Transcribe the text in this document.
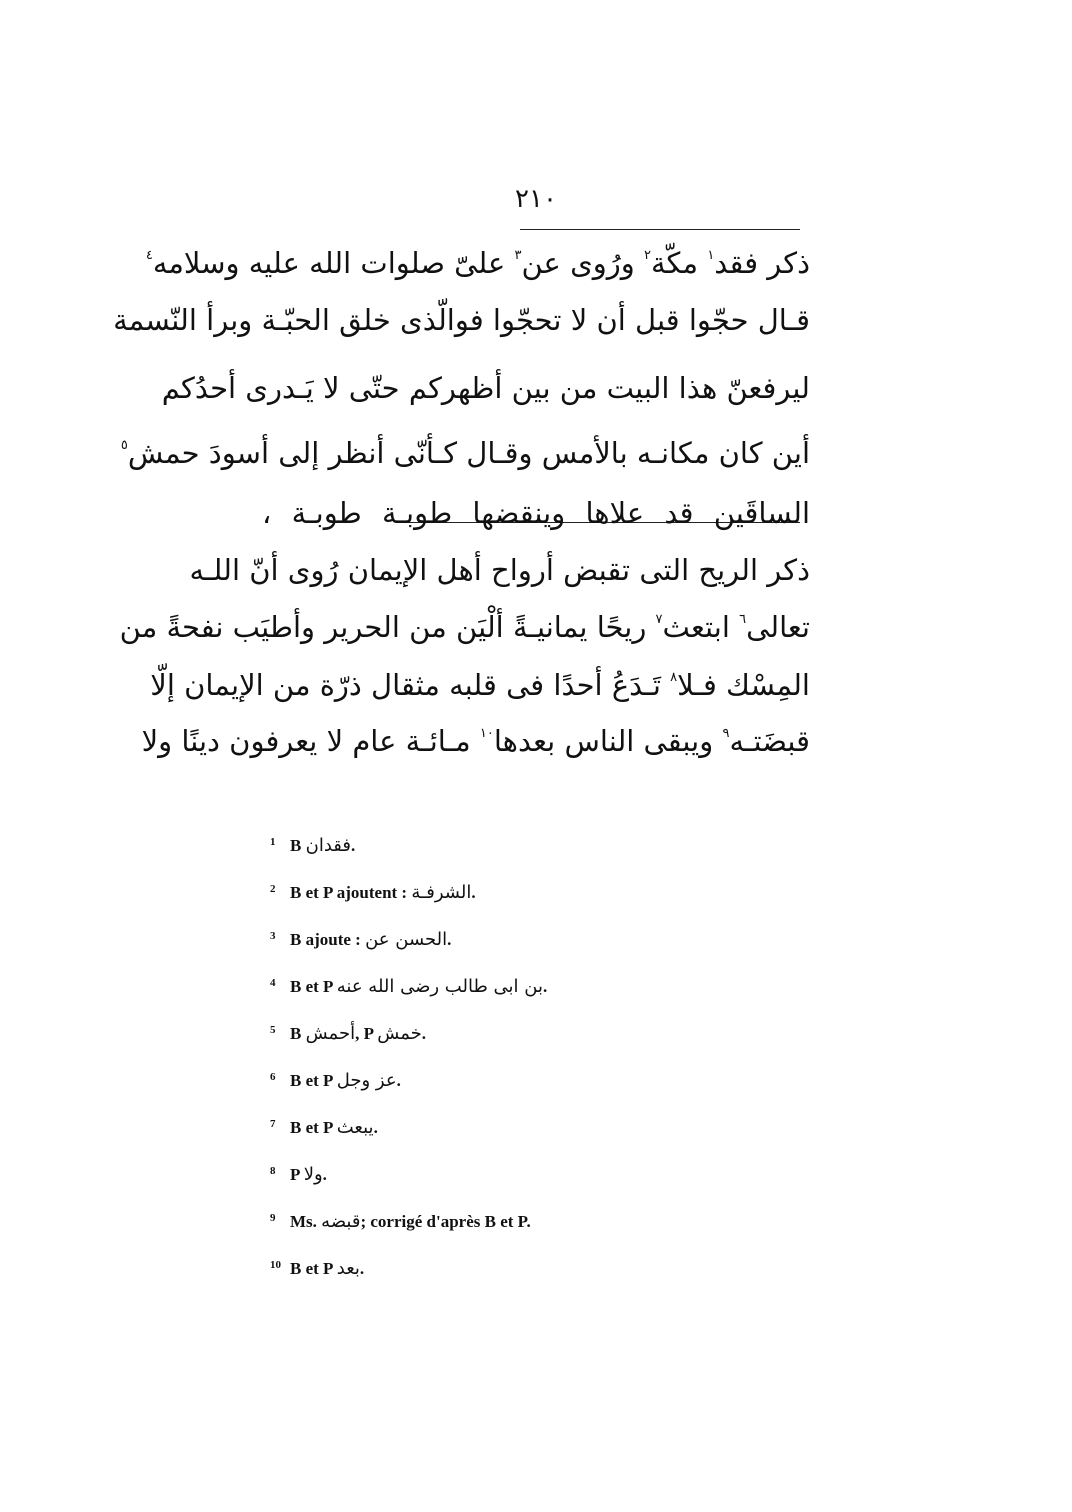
٢١٠
ذكر فقد$^١$ مكّة$^٢$ ورُوى عن$^٣$ علىّ صلوات الله عليه وسلامه$^٤$
قـال حجّوا قبل أن لا تحجّوا فوالّذى خلق الحبّـة وبرأ النّسمة
ليرفعنّ هذا البيت من بين أظهركم حتّى لا يَـدرى أحدُكم
أين كان مكانـه بالأمس وقـال كـأنّى أنظر إلى أسودَ حمش$^٥$
الساقَين قد علاها وينقضها طوبـة طوبـة ،
ذكر الريح التى تقبض أرواح أهل الإيمان رُوى أنّ اللـه
تعالى$^٦$ ابتعث$^٧$ ريحًا يمانيـةً ألْيَن من الحرير وأطيَب نفحةً من
المِسْك فـلا$^٨$ تَـدَعُ أحدًا فى قلبه مثقال ذرّة من الإيمان إلّا
قبضَتـه$^٩$ ويبقى الناس بعدها$^{١٠}$ مـائـة عام لا يعرفون دينًا ولا
1 B فقدان.
2 B et P ajoutent : الشرفـة.
3 B ajoute : الحسن عن.
4 B et P بن ابى طالب رضى الله عنه.
5 B أحمش, P خمش.
6 B et P عز وجل.
7 B et P يبعث.
8 P ولا.
9 Ms. قبضه; corrigé d'après B et P.
10 B et P بعد.
